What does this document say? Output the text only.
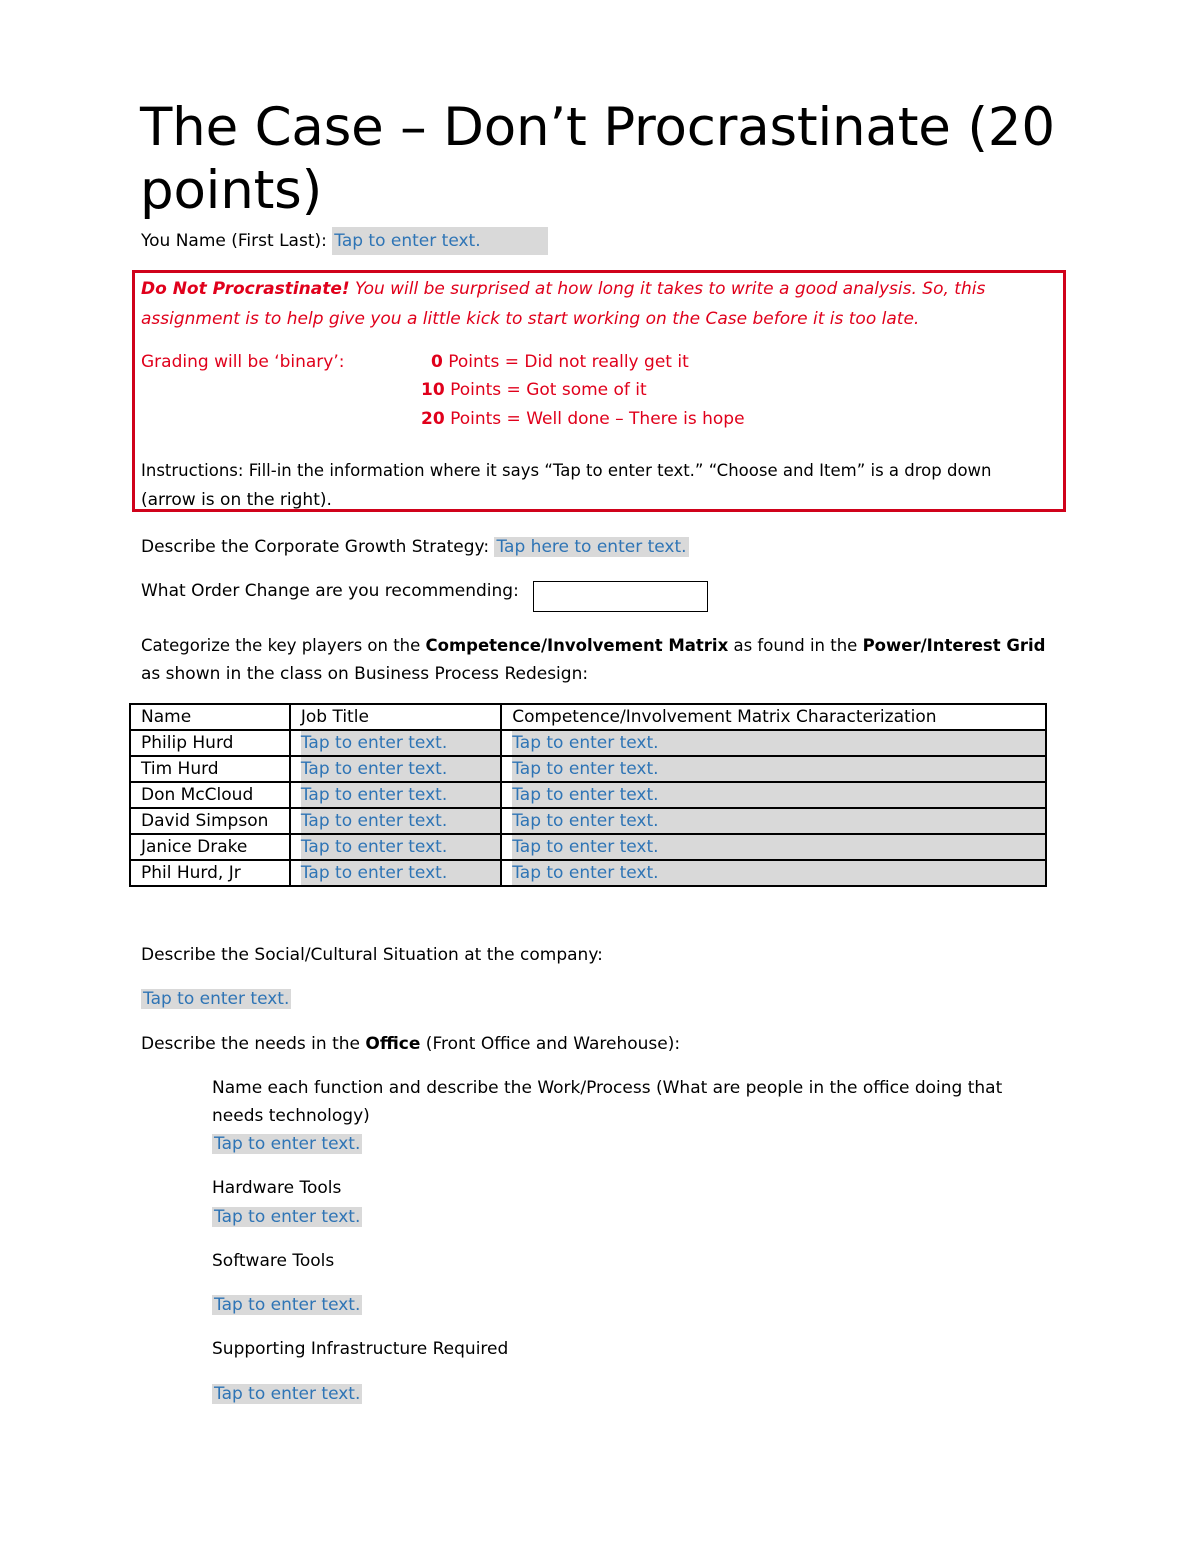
The Case – Don’t Procrastinate (20 points)
You Name (First Last): Tap to enter text.
Do Not Procrastinate! You will be surprised at how long it takes to write a good analysis. So, this
assignment is to help give you a little kick to start working on the Case before it is too late.
Grading will be ‘binary’:	0 Points = Did not really get it
10 Points = Got some of it
20 Points = Well done – There is hope
Instructions: Fill-in the information where it says “Tap to enter text.” “Choose and Item” is a drop down
(arrow is on the right).
Describe the Corporate Growth Strategy: Tap here to enter text.
What Order Change are you recommending:
Categorize the key players on the Competence/Involvement Matrix as found in the Power/Interest Grid
as shown in the class on Business Process Redesign:
Name	Job Title	Competence/Involvement Matrix Characterization
Philip Hurd	Tap to enter text.	Tap to enter text.

Tim Hurd	Tap to enter text.	Tap to enter text.

Don McCloud	Tap to enter text.	Tap to enter text.

David Simpson	Tap to enter text.	Tap to enter text.

Janice Drake	Tap to enter text.	Tap to enter text.

Phil Hurd, Jr	Tap to enter text.	Tap to enter text.
Describe the Social/Cultural Situation at the company:
Tap to enter text.
Describe the needs in the Office (Front Office and Warehouse):
Name each function and describe the Work/Process (What are people in the office doing that
needs technology)
Tap to enter text.
Hardware Tools
Tap to enter text.
Software Tools
Tap to enter text.
Supporting Infrastructure Required
Tap to enter text.
